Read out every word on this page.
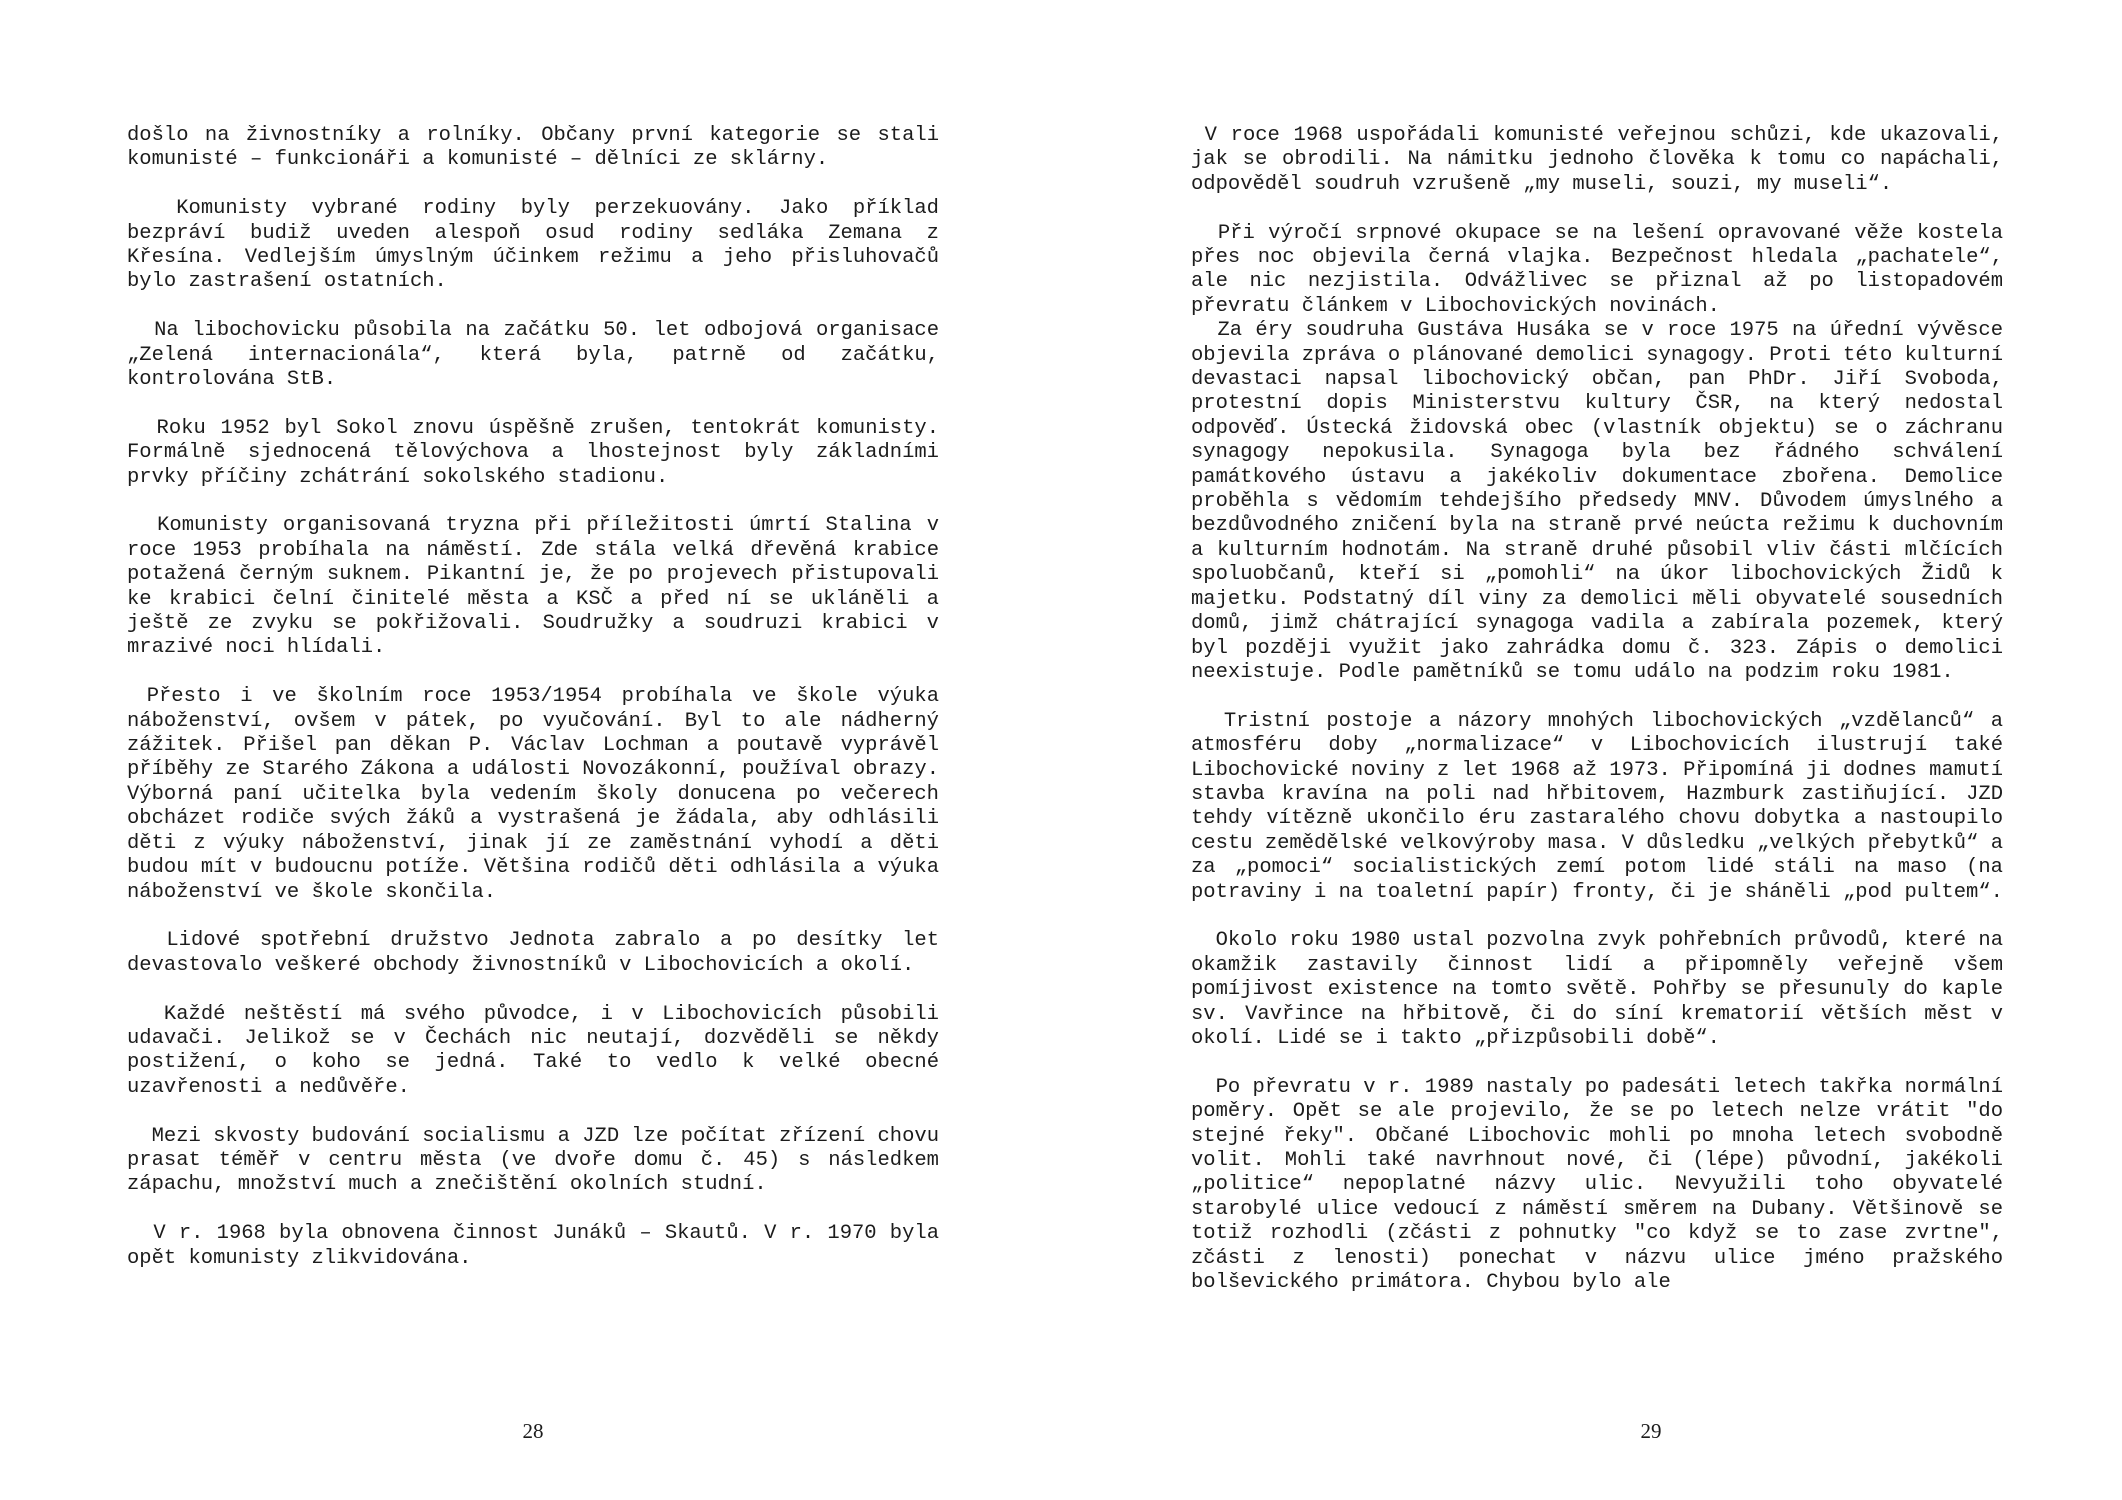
došlo na živnostníky a rolníky. Občany první kategorie se stali komunisté – funkcionáři a komunisté – dělníci ze sklárny.

Komunisty vybrané rodiny byly perzekuovány. Jako příklad bezpráví budiž uveden alespoň osud rodiny sedláka Zemana z Křesína. Vedlejším úmyslným účinkem režimu a jeho přisluhovačů bylo zastrašení ostatních.

Na libochovicku působila na začátku 50. let odbojová organisace „Zelená internacionála“, která byla, patrně od začátku, kontrolována StB.

Roku 1952 byl Sokol znovu úspěšně zrušen, tentokrát komunisty. Formálně sjednocená tělovýchova a lhostejnost byly základními prvky příčiny zchátrání sokolského stadionu.

Komunisty organisovaná tryzna při příležitosti úmrtí Stalina v roce 1953 probíhala na náměstí. Zde stála velká dřevěná krabice potažená černým suknem. Pikantní je, že po projevech přistupovali ke krabici čelní činitelé města a KSČ a před ní se ukláněli a ještě ze zvyku se pokřižovali. Soudružky a soudruzi krabici v mrazivé noci hlídali.

Přesto i ve školním roce 1953/1954 probíhala ve škole výuka náboženství, ovšem v pátek, po vyučování. Byl to ale nádherný zážitek. Přišel pan děkan P. Václav Lochman a poutavě vyprávěl příběhy ze Starého Zákona a události Novozákonní, používal obrazy. Výborná paní učitelka byla vedením školy donucena po večerech obcházet rodiče svých žáků a vystrašená je žádala, aby odhlásili děti z výuky náboženství, jinak jí ze zaměstnání vyhodí a děti budou mít v budoucnu potíže. Většina rodičů děti odhlásila a výuka náboženství ve škole skončila.

Lidové spotřební družstvo Jednota zabralo a po desítky let devastovalo veškeré obchody živnostníků v Libochovicích a okolí.

Každé neštěstí má svého původce, i v Libochovicích působili udavači. Jelikož se v Čechách nic neutají, dozvěděli se někdy postižení, o koho se jedná. Také to vedlo k velké obecné uzavřenosti a nedůvěře.

Mezi skvosty budování socialismu a JZD lze počítat zřízení chovu prasat téměř v centru města (ve dvoře domu č. 45) s následkem zápachu, množství much a znečištění okolních studní.

V r. 1968 byla obnovena činnost Junáků – Skautů. V r. 1970 byla opět komunisty zlikvidována.

28

V roce 1968 uspořádali komunisté veřejnou schůzi, kde ukazovali, jak se obrodili. Na námitku jednoho člověka k tomu co napáchali, odpověděl soudruh vzrušeně „my museli, souzi, my museli“.

Při výročí srpnové okupace se na lešení opravované věže kostela přes noc objevila černá vlajka. Bezpečnost hledala „pachatele“, ale nic nezjistila. Odvážlivec se přiznal až po listopadovém převratu článkem v Libochovických novinách.

Za éry soudruha Gustáva Husáka se v roce 1975 na úřední vývěsce objevila zpráva o plánované demolici synagogy. Proti této kulturní devastaci napsal libochovický občan, pan PhDr. Jiří Svoboda, protestní dopis Ministerstvu kultury ČSR, na který nedostal odpověď. Ústecká židovská obec (vlastník objektu) se o záchranu synagogy nepokusila. Synagoga byla bez řádného schválení památkového ústavu a jakékoliv dokumentace zbořena. Demolice proběhla s vědomím tehdejšího předsedy MNV. Důvodem úmyslného a bezdůvodného zničení byla na straně prvé neúcta režimu k duchovním a kulturním hodnotám. Na straně druhé působil vliv části mlčících spoluobčanů, kteří si „pomohli“ na úkor libochovických Židů k majetku. Podstatný díl viny za demolici měli obyvatelé sousedních domů, jimž chátrající synagoga vadila a zabírala pozemek, který byl později využit jako zahrádka domu č. 323. Zápis o demolici neexistuje. Podle pamětníků se tomu událo na podzim roku 1981.

Tristní postoje a názory mnohých libochovických „vzdělanců“ a atmosféru doby „normalizace“ v Libochovicích ilustrují také Libochovické noviny z let 1968 až 1973. Připomíná ji dodnes mamutí stavba kravína na poli nad hřbitovem, Hazmburk zastiňující. JZD tehdy vítězně ukončilo éru zastaralého chovu dobytka a nastoupilo cestu zemědělské velkovýroby masa. V důsledku „velkých přebytků“ a za „pomoci“ socialistických zemí potom lidé stáli na maso (na potraviny i na toaletní papír) fronty, či je sháněli „pod pultem“.

Okolo roku 1980 ustal pozvolna zvyk pohřebních průvodů, které na okamžik zastavily činnost lidí a připomněly veřejně všem pomíjivost existence na tomto světě. Pohřby se přesunuly do kaple sv. Vavřince na hřbitově, či do síní krematorií větších měst v okolí. Lidé se i takto „přizpůsobili době“.

Po převratu v r. 1989 nastaly po padesáti letech takřka normální poměry. Opět se ale projevilo, že se po letech nelze vrátit "do stejné řeky". Občané Libochovic mohli po mnoha letech svobodně volit. Mohli také navrhnout nové, či (lépe) původní, jakékoli „politice“ nepoplatné názvy ulic. Nevyužili toho obyvatelé starobylé ulice vedoucí z náměstí směrem na Dubany. Většinově se totiž rozhodli (zčásti z pohnutky "co když se to zase zvrtne", zčásti z lenosti) ponechat v názvu ulice jméno pražského bolševického primátora. Chybou bylo ale

29
